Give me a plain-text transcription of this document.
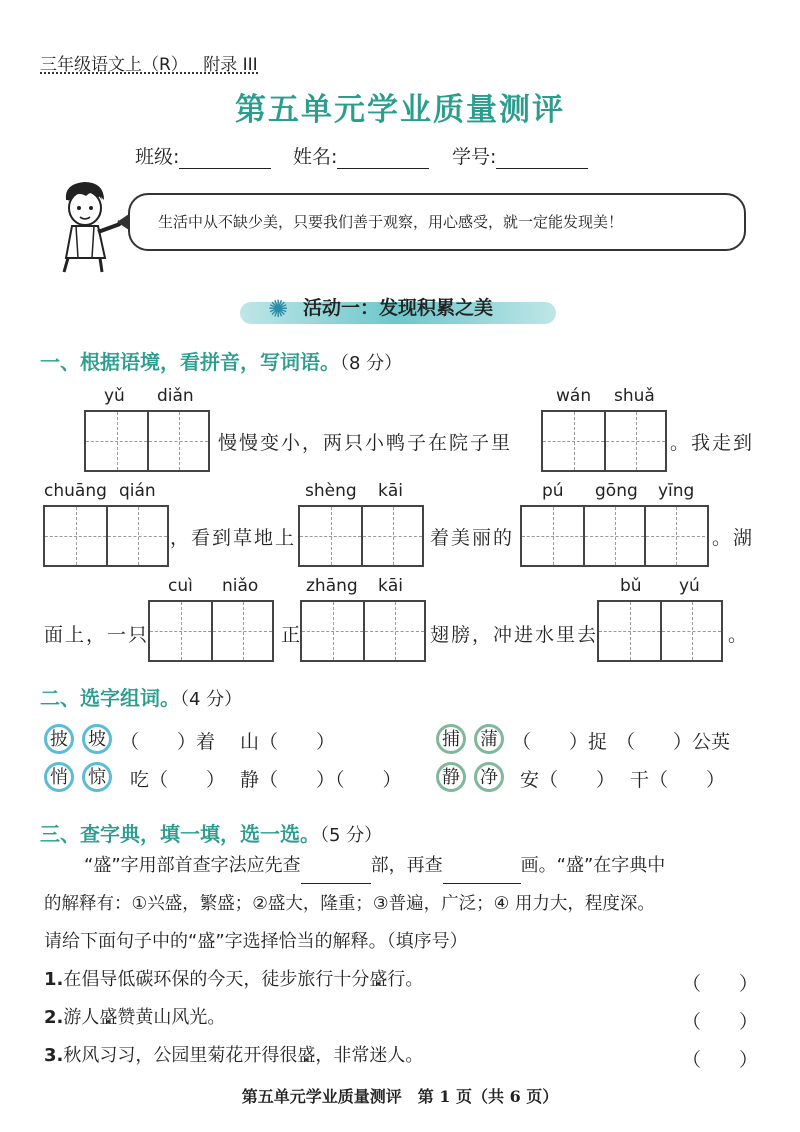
三年级语文上（R） 附录 III
第五单元学业质量测评
班级:	姓名:	学号:
生活中从不缺少美，只要我们善于观察，用心感受，就一定能发现美！
✺ 活动一：发现积累之美
一、根据语境，看拼音，写词语。（8 分）
yǔ diǎn
慢慢变小，两只小鸭子在院子里
wán shuǎ
。我走到
chuāng qián
，看到草地上
shèng kāi
着美丽的
pú gōng yīng
。湖
面上，一只
cuì niǎo
正
zhāng kāi
翅膀，冲进水里去
bǔ yú
。
二、选字组词。（4 分）
披	坡 （　　）着 山（　　）	捕	蒲 （　　）捉 （　　）公英
悄	惊	吃（　　） 静（　　）（　　）	静	净	安（　　） 干（　　）
三、查字典，填一填，选一选。（5 分）
“盛”字用部首查字法应先查	部，再查	画。“盛”在字典中
的解释有：①兴盛，繁盛；②盛大，隆重；③普遍，广泛；④ 用力大，程度深。
请给下面句子中的“盛”字选择恰当的解释。（填序号）
1.在倡导低碳环保的今天，徒步旅行十分盛行。	（　　）
2.游人盛赞黄山风光。	（　　）
3.秋风习习，公园里菊花开得很盛，非常迷人。	（　　）
第五单元学业质量测评　第 1 页（共 6 页）
